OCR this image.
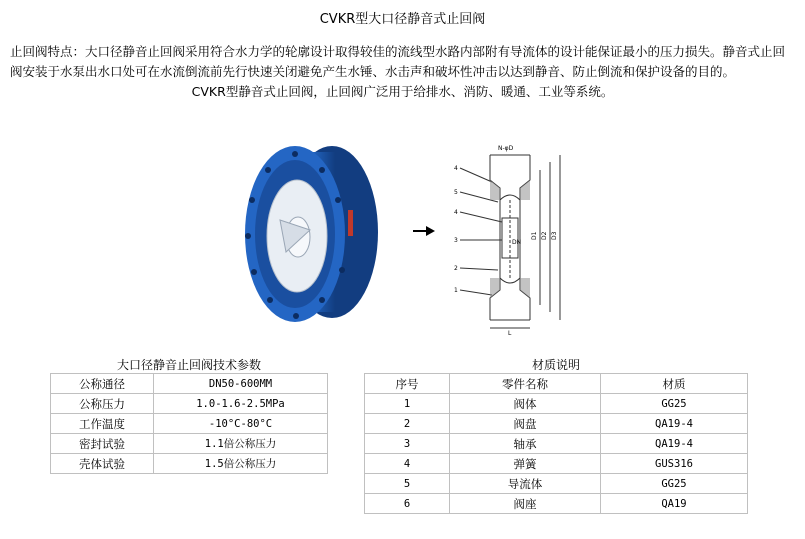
CVKR型大口径静音式止回阀
止回阀特点：大口径静音止回阀采用符合水力学的轮廓设计取得较佳的流线型水路内部附有导流体的设计能保证最小的压力损失。静音式止回阀安装于水泵出水口处可在水流倒流前先行快速关闭避免产生水锤、水击声和破坏性冲击以达到静音、防止倒流和保护设备的目的。
CVKR型静音式止回阀，止回阀广泛用于给排水、消防、暖通、工业等系统。
N-φD
4
5
4
3
2
1
D1 D2 D3
L
DN
大口径静音止回阀技术参数
公称通径	DN50-600MM
公称压力	1.0-1.6-2.5MPa
工作温度	-10°C-80°C
密封试验	1.1倍公称压力
壳体试验	1.5倍公称压力
材质说明
序号	零件名称	材质
1	阀体	GG25
2	阀盘	QA19-4
3	轴承	QA19-4
4	弹簧	GUS316
5	导流体	GG25
6	阀座	QA19
